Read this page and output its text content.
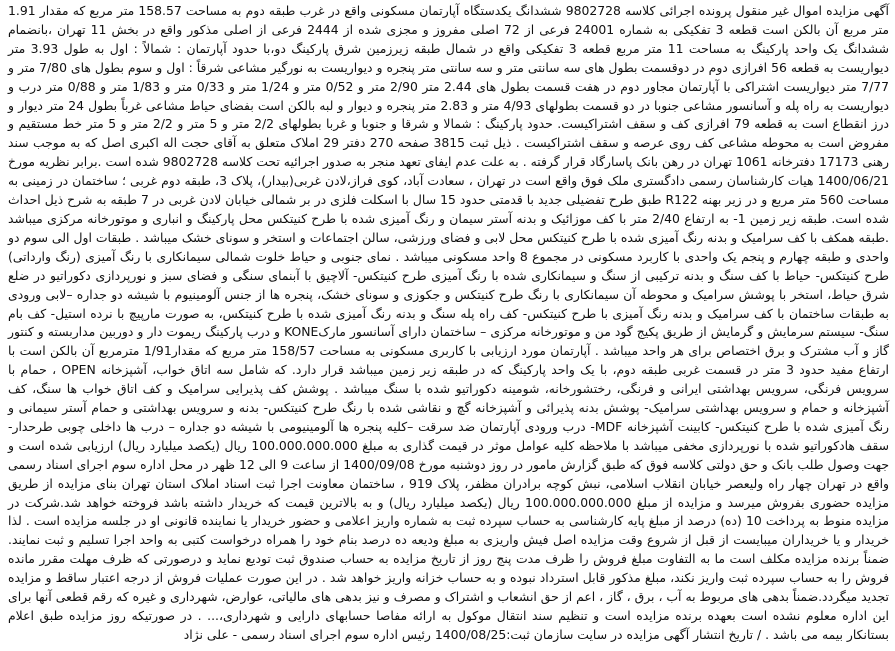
آگهی مزایده اموال غیر منقول پرونده اجرائی کلاسه 9802728 ششدانگ یکدستگاه آپارتمان مسکونی واقع در غرب طبقه دوم به مساحت 158.57 متر مربع که مقدار 1.91 متر مربع آن بالکن است قطعه 3 تفکیکی به شماره 24001 فرعی از 72 اصلی مفروز و مجزی شده از 2444 فرعی از اصلی مذکور واقع در بخش 11 تهران ،بانضمام ششدانگ یک واحد پارکینگ به مساحت 11 متر مربع قطعه 3 تفکیکی واقع در شمال طبقه زیرزمین شرق پارکینگ دو،با حدود آپارتمان : شمالاً : اول به طول 3.93 متر دیواریست به قطعه 56 افرازی دوم در دوقسمت بطول های سه سانتی متر و سه سانتی متر پنجره و دیواریست به نورگیر مشاعی شرقاً : اول و سوم بطول های 7/80 متر و 7/77 متر دیواریست اشتراکی با آپارتمان مجاور دوم در هفت قسمت بطول های 2.44 متر 2/90 متر و 0/52 متر و 1/24 متر و 0/33 متر و 1/83 متر و 0/88 متر درب و دیواریست به راه پله و آسانسور مشاعی جنوبا در دو قسمت بطولهای 4/93 متر و 2.83 متر پنجره و دیوار و لبه بالکن است بفضای حیاط مشاعی غرباً بطول 24 متر دیوار و درز انقطاع است به قطعه 79 افرازی کف و سقف اشتراکیست. حدود پارکینگ : شمالا و شرقا و جنوبا و غربا بطولهای 2/2 متر و 5 متر و 2/2 متر و 5 متر خط مستقیم و مفروض است به محوطه مشاعی کف روی عرصه و سقف اشتراکیست . ذیل ثبت 3815 صفحه 270 دفتر 29 املاک متعلق به آقای حجت اله اکبری اصل که به موجب سند رهنی 17173 دفترخانه 1061 تهران در رهن بانک پاسارگاد قرار گرفته . به علت عدم ایفای تعهد منجر به صدور اجرائیه تحت کلاسه 9802728 شده است .برابر نظریه مورخ 1400/06/21 هیات کارشناسان رسمی دادگستری ملک فوق واقع است در تهران ، سعادت آباد، کوی فراز،لادن غربی(بیدار)، پلاک 3، طبقه دوم غربی ؛ ساختمان در زمینی به مساحت 560 متر مربع و در زیر بهنه R122 طبق طرح تفضیلی جدید با قدمتی حدود 15 سال با اسکلت فلزی در بر شمالی خیابان لادن غربی در 7 طبقه به شرح ذیل احداث شده است. طبقه زیر زمین 1- به ارتفاع 2/40 متر با کف موزائیک و بدنه آستر سیمان و رنگ آمیزی شده با طرح کنیتکس محل پارکینگ و انباری و موتورخانه مرکزی میباشد .طبقه همکف با کف سرامیک و بدنه رنگ آمیزی شده با طرح کنیتکس محل لابی و فضای ورزشی، سالن اجتماعات و استخر و سونای خشک میباشد . طبقات اول الی سوم دو واحدی و طبقه چهارم و پنجم یک واحدی با کاربرد مسکونی در مجموع 8 واحد مسکونی میباشد . نمای جنوبی و حیاط خلوت شمالی سیمانکاری با رنگ آمیزی (رنگ وارداتی) طرح کنیتکس- حیاط با کف سنگ و بدنه ترکیبی از سنگ و سیمانکاری شده با رنگ آمیزی طرح کنیتکس- آلاچیق با آبنمای سنگی و فضای سبز و نورپردازی دکوراتیو در ضلع شرق حیاط، استخر با پوشش سرامیک و محوطه آن سیمانکاری با رنگ طرح کنیتکس و جکوزی و سونای خشک، پنجره ها از جنس آلومینیوم با شیشه دو جداره –لابی ورودی به طبقات ساختمان با کف سرامیک و بدنه رنگ آمیزی با طرح کنیتکس- کف راه پله سنگ و بدنه رنگ آمیزی شده با طرح کنیتکس، به صورت مارپیچ با نرده استیل- کف بام سنگ- سیستم سرمایش و گرمایش از طریق پکیج گود من و موتورخانه مرکزی – ساختمان دارای آسانسور مارکKONE و درب پارکینگ ریموت دار و دوربین مداربسته و کنتور گاز و آب مشترک و برق اختصاص برای هر واحد میباشد . آپارتمان مورد ارزیابی با کاربری مسکونی به مساحت 158/57 متر مربع که مقدار1/91 مترمربع آن بالکن است با ارتفاع مفید حدود 3 متر در قسمت غربی طبقه دوم، با یک واحد پارکینگ که در طبقه زیر زمین میباشد قرار دارد. که شامل سه اتاق خواب، آشپزخانه OPEN ، حمام با سرویس فرنگی، سرویس بهداشتی ایرانی و فرنگی، رختشورخانه، شومینه دکوراتیو شده با سنگ میباشد . پوشش کف پذیرایی سرامیک و کف اتاق خواب ها سنگ، کف آشپزخانه و حمام و سرویس بهداشتی سرامیک- پوشش بدنه پذیرائی و آشپزخانه گچ و نقاشی شده با رنگ طرح کنیتکس- بدنه و سرویس بهداشتی و حمام آستر سیمانی و رنگ آمیزی شده با طرح کنیتکس- کابینت آشپزخانه MDF- درب ورودی آپارتمان ضد سرقت –کلیه پنجره ها آلومینیومی با شیشه دو جداره – درب ها داخلی چوبی طرحدار- سقف هادکوراتیو شده با نورپردازی مخفی میباشد با ملاحظه کلیه عوامل موثر در قیمت گذاری به مبلغ 100.000.000.000 ریال (یکصد میلیارد ریال) ارزیابی شده است و جهت وصول طلب بانک و حق دولتی کلاسه فوق که طبق گزارش مامور در روز دوشنبه مورخ 1400/09/08 از ساعت 9 الی 12 ظهر در محل اداره سوم اجرای اسناد رسمی واقع در تهران چهار راه ولیعصر خیابان انقلاب اسلامی، نبش کوچه برادران مظفر، پلاک 919 ، ساختمان معاونت اجرا ثبت اسناد املاک استان تهران بنای مزایده از طریق مزایده حضوری بفروش میرسد و مزایده از مبلغ 100.000.000.000 ریال (یکصد میلیارد ریال) و به بالاترین قیمت که خریدار داشته باشد فروخته خواهد شد.شرکت در مزایده منوط به پرداخت 10 (ده) درصد از مبلغ پایه کارشناسی به حساب سپرده ثبت به شماره واریز اعلامی و حضور خریدار یا نماینده قانونی او در جلسه مزایده است . لذا خریدار و یا خریداران میبایست از قبل از شروع وقت مزایده اصل فیش واریزی به مبلغ ودیعه ده درصد بنام خود را همراه درخواست کتبی به واحد اجرا تسلیم و ثبت نمایند. ضمناً برنده مزایده مکلف است ما به التفاوت مبلغ فروش را ظرف مدت پنج روز از تاریخ مزایده به حساب صندوق ثبت تودیع نماید و درصورتی که ظرف مهلت مقرر مانده فروش را به حساب سپرده ثبت واریز نکند، مبلغ مذکور قابل استرداد نبوده و به حساب خزانه واریز خواهد شد . در این صورت عملیات فروش از درجه اعتبار ساقط و مزایده تجدید میگردد.ضمناً بدهی های مربوط به آب ، برق ، گاز ، اعم از حق انشعاب و اشتراک و مصرف و نیز بدهی های مالیاتی، عوارض، شهرداری و غیره که رقم قطعی آنها برای این اداره معلوم نشده است بعهده برنده مزایده است و تنظیم سند انتقال موکول به ارائه مفاصا حسابهای دارایی و شهرداری،... . در صورتیکه روز مزایده طبق اعلام بستانکار بیمه می باشد . / تاریخ انتشار آگهی مزایده در سایت سازمان ثبت:1400/08/25 رئیس اداره سوم اجرای اسناد رسمی - علی نژاد
